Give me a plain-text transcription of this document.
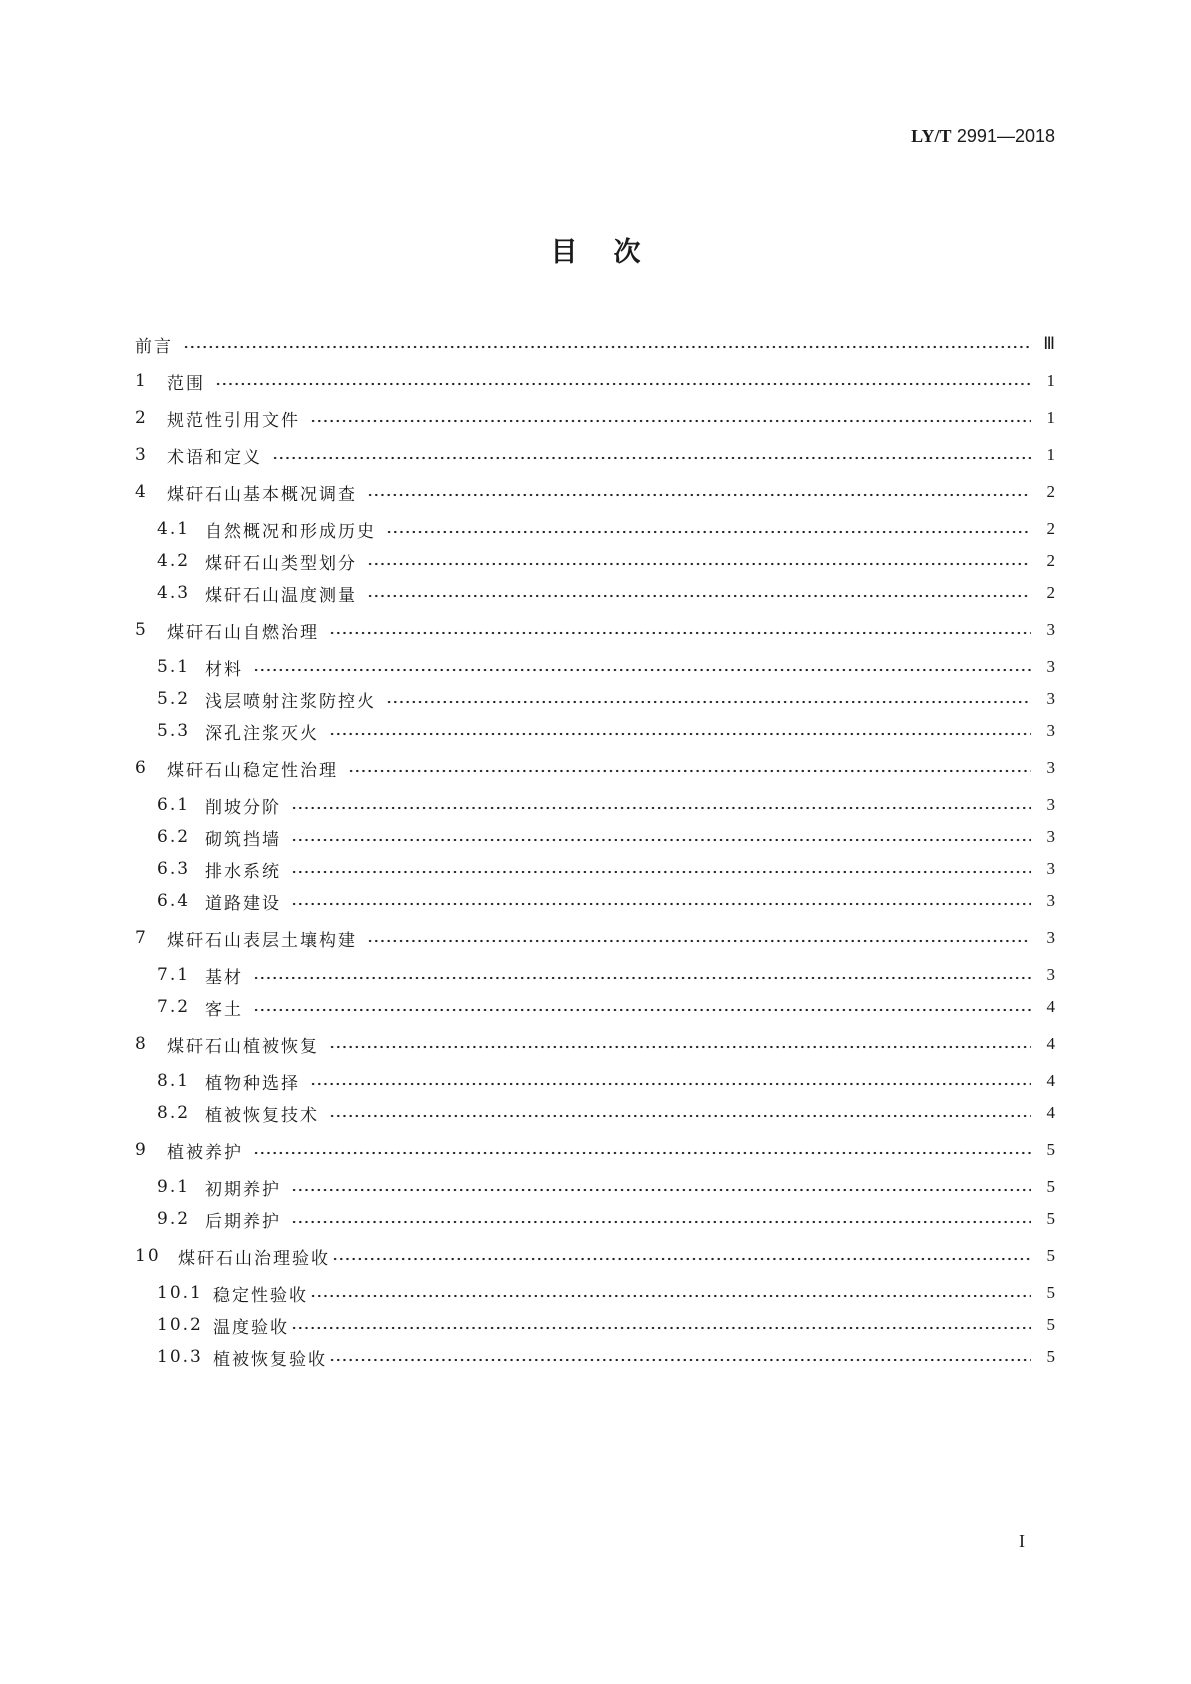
LY/T 2991—2018
目次
前言	Ⅲ
1	范围	1
2	规范性引用文件	1
3	术语和定义	1
4	煤矸石山基本概况调查	2
4.1 自然概况和形成历史	2
4.2 煤矸石山类型划分	2
4.3 煤矸石山温度测量	2
5	煤矸石山自燃治理	3
5.1 材料	3
5.2 浅层喷射注浆防控火	3
5.3 深孔注浆灭火	3
6	煤矸石山稳定性治理	3
6.1 削坡分阶	3
6.2 砌筑挡墙	3
6.3 排水系统	3
6.4 道路建设	3
7	煤矸石山表层土壤构建	3
7.1 基材	3
7.2 客土	4
8	煤矸石山植被恢复	4
8.1 植物种选择	4
8.2 植被恢复技术	4
9	植被养护	5
9.1 初期养护	5
9.2 后期养护	5
10	煤矸石山治理验收	5
10.1 稳定性验收	5
10.2 温度验收	5
10.3 植被恢复验收	5
I
